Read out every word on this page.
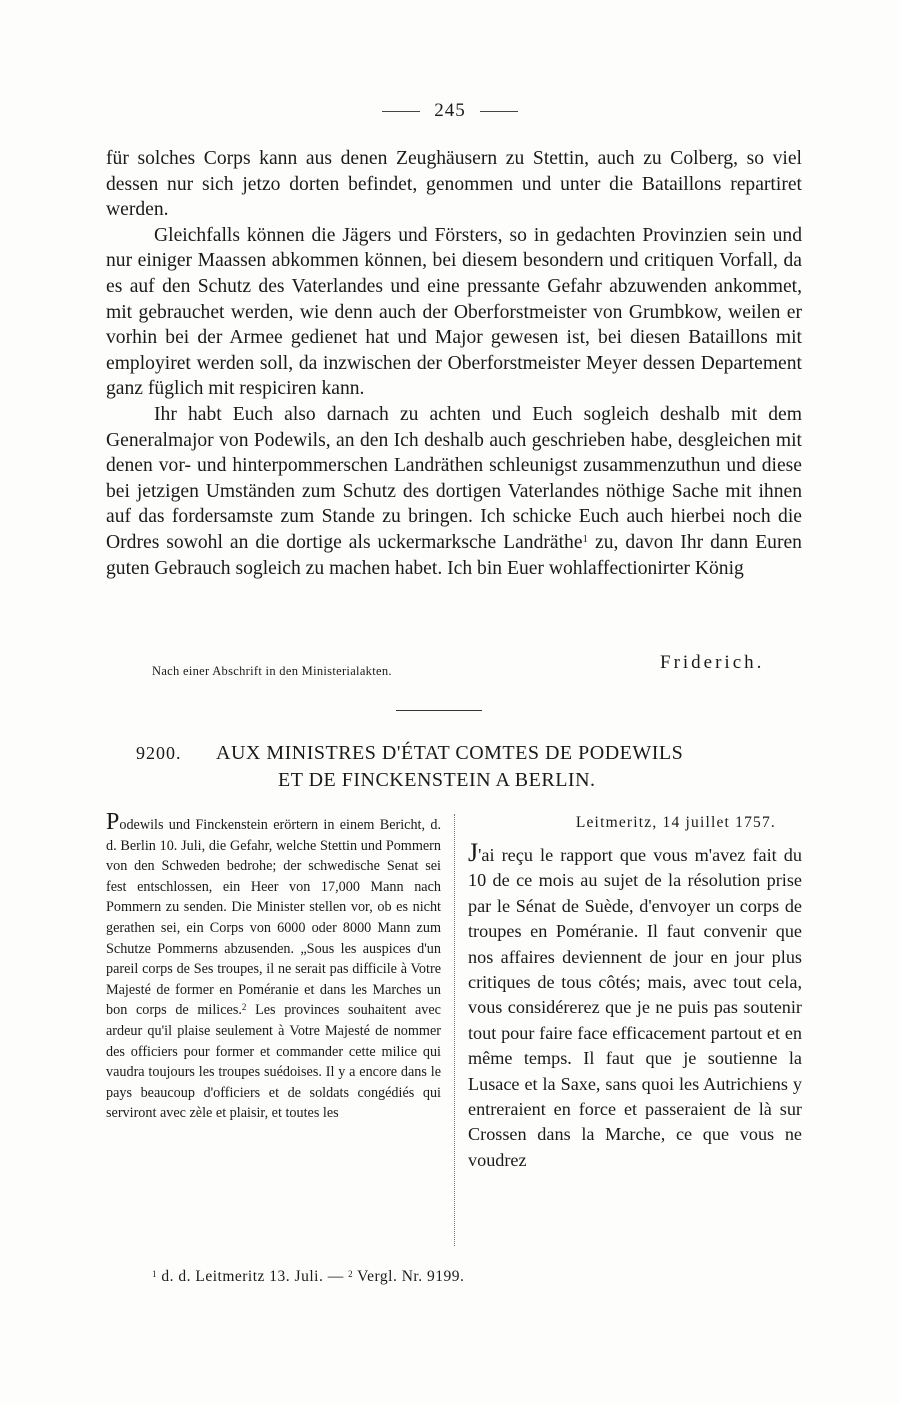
245

für solches Corps kann aus denen Zeughäusern zu Stettin, auch zu Colberg, so viel dessen nur sich jetzo dorten befindet, genommen und unter die Bataillons repartiret werden.

Gleichfalls können die Jägers und Försters, so in gedachten Provinzien sein und nur einiger Maassen abkommen können, bei diesem besondern und critiquen Vorfall, da es auf den Schutz des Vaterlandes und eine pressante Gefahr abzuwenden ankommet, mit gebrauchet werden, wie denn auch der Oberforstmeister von Grumbkow, weilen er vorhin bei der Armee gedienet hat und Major gewesen ist, bei diesen Bataillons mit employiret werden soll, da inzwischen der Oberforstmeister Meyer dessen Departement ganz füglich mit respiciren kann.

Ihr habt Euch also darnach zu achten und Euch sogleich deshalb mit dem Generalmajor von Podewils, an den Ich deshalb auch geschrieben habe, desgleichen mit denen vor- und hinterpommerschen Landräthen schleunigst zusammenzuthun und diese bei jetzigen Umständen zum Schutz des dortigen Vaterlandes nöthige Sache mit ihnen auf das fordersamste zum Stande zu bringen. Ich schicke Euch auch hierbei noch die Ordres sowohl an die dortige als uckermarksche Landräthe$^1$ zu, davon Ihr dann Euren guten Gebrauch sogleich zu machen habet. Ich bin Euer wohlaffectionirter König

Nach einer Abschrift in den Ministerialakten.	Friderich.
9200. AUX MINISTRES D'ÉTAT COMTES DE PODEWILS
ET DE FINCKENSTEIN A BERLIN.

Podewils und Finckenstein erörtern in einem Bericht, d. d. Berlin 10. Juli, die Gefahr, welche Stettin und Pommern von den Schweden bedrohe; der schwedische Senat sei fest entschlossen, ein Heer von 17,000 Mann nach Pommern zu senden. Die Minister stellen vor, ob es nicht gerathen sei, ein Corps von 6000 oder 8000 Mann zum Schutze Pommerns abzusenden. „Sous les auspices d'un pareil corps de Ses troupes, il ne serait pas difficile à Votre Majesté de former en Poméranie et dans les Marches un bon corps de milices.$^2$ Les provinces souhaitent avec ardeur qu'il plaise seulement à Votre Majesté de nommer des officiers pour former et commander cette milice qui vaudra toujours les troupes suédoises. Il y a encore dans le pays beaucoup d'officiers et de soldats congédiés qui serviront avec zèle et plaisir, et toutes les

Leitmeritz, 14 juillet 1757.

J'ai reçu le rapport que vous m'avez fait du 10 de ce mois au sujet de la résolution prise par le Sénat de Suède, d'envoyer un corps de troupes en Poméranie. Il faut convenir que nos affaires deviennent de jour en jour plus critiques de tous côtés; mais, avec tout cela, vous considérerez que je ne puis pas soutenir tout pour faire face efficacement partout et en même temps. Il faut que je soutienne la Lusace et la Saxe, sans quoi les Autrichiens y entreraient en force et passeraient de là sur Crossen dans la Marche, ce que vous ne voudrez

$^1$ d. d. Leitmeritz 13. Juli. — $^2$ Vergl. Nr. 9199.
